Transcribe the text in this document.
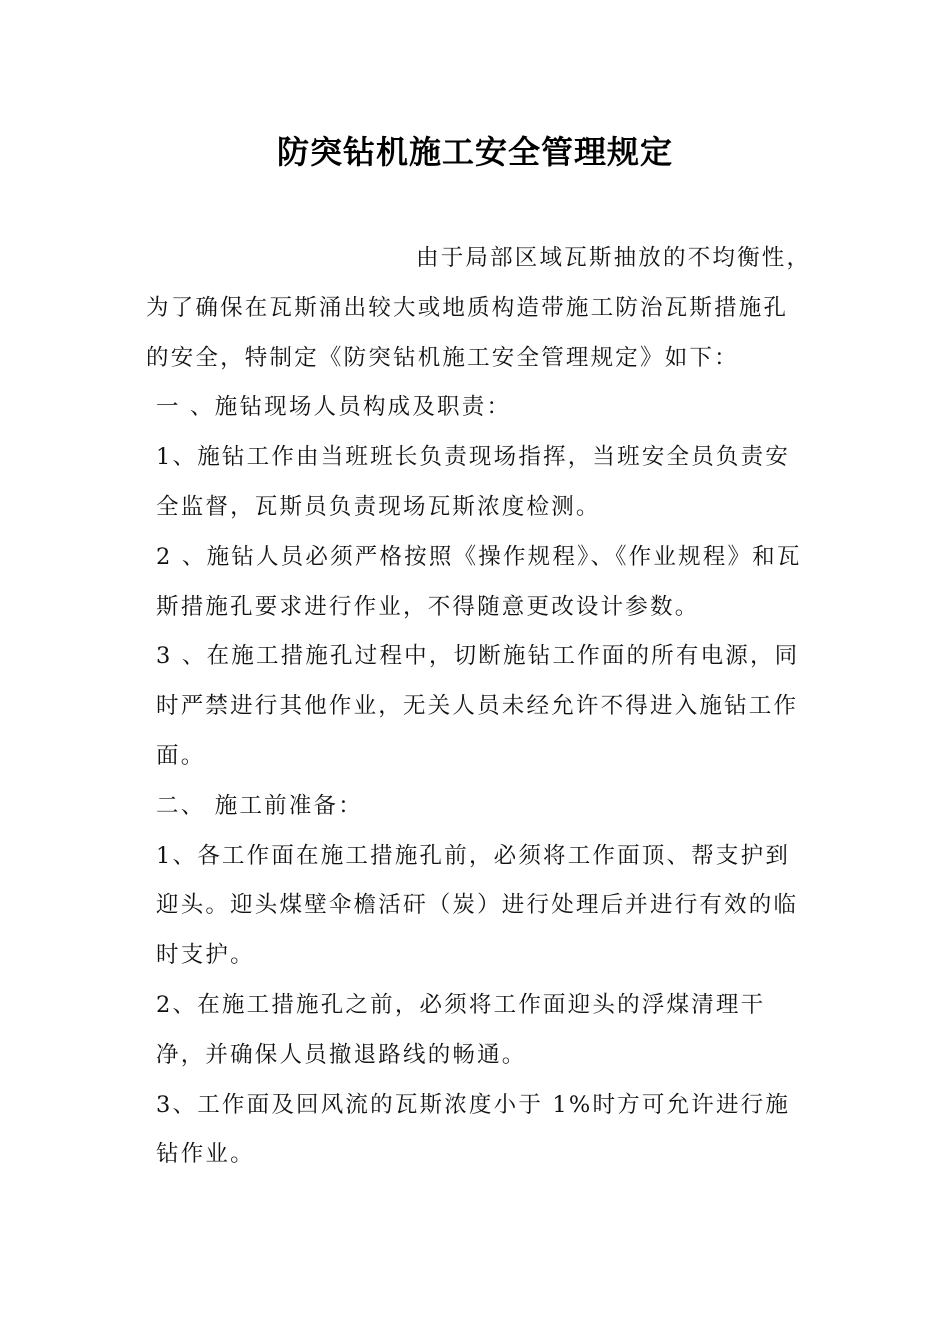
防突钻机施工安全管理规定

由于局部区域瓦斯抽放的不均衡性，为了确保在瓦斯涌出较大或地质构造带施工防治瓦斯措施孔的安全，特制定《防突钻机施工安全管理规定》如下：

一 、施钻现场人员构成及职责：

1、施钻工作由当班班长负责现场指挥，当班安全员负责安全监督，瓦斯员负责现场瓦斯浓度检测。

2 、施钻人员必须严格按照《操作规程》、《作业规程》和瓦斯措施孔要求进行作业，不得随意更改设计参数。

3 、在施工措施孔过程中，切断施钻工作面的所有电源，同时严禁进行其他作业，无关人员未经允许不得进入施钻工作面。

二、 施工前准备：

1、各工作面在施工措施孔前，必须将工作面顶、帮支护到迎头。迎头煤壁伞檐活矸（炭）进行处理后并进行有效的临时支护。

2、在施工措施孔之前，必须将工作面迎头的浮煤清理干净，并确保人员撤退路线的畅通。

3、工作面及回风流的瓦斯浓度小于 1%时方可允许进行施钻作业。
